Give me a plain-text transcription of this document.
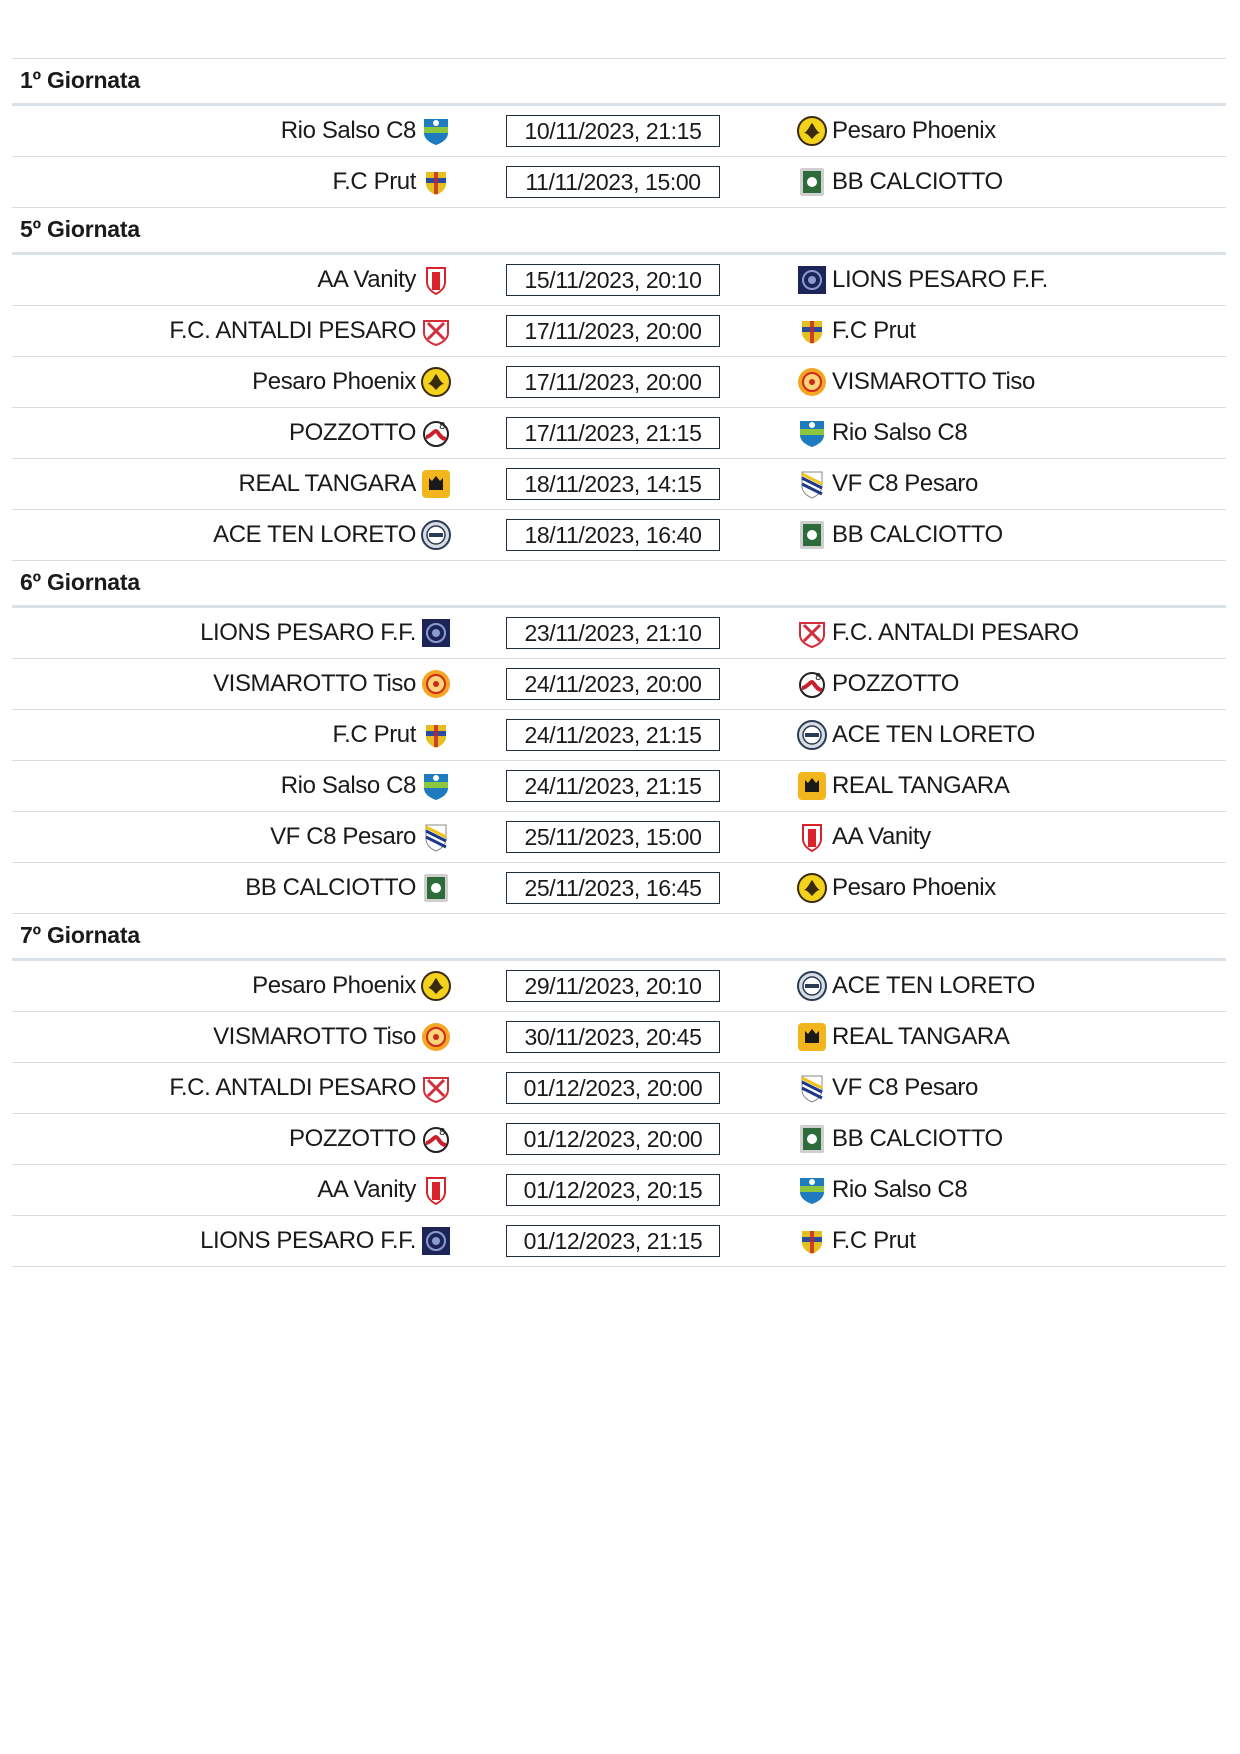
1º Giornata
Rio Salso C8	10/11/2023, 21:15	Pesaro Phoenix
F.C Prut	11/11/2023, 15:00	BB CALCIOTTO
5º Giornata
AA Vanity	15/11/2023, 20:10	LIONS PESARO F.F.
F.C. ANTALDI PESARO	17/11/2023, 20:00	F.C Prut
Pesaro Phoenix	17/11/2023, 20:00	VISMAROTTO Tiso
POZZOTTO 8	17/11/2023, 21:15	Rio Salso C8
REAL TANGARA	18/11/2023, 14:15	VF C8 Pesaro
ACE TEN LORETO	18/11/2023, 16:40	BB CALCIOTTO
6º Giornata
LIONS PESARO F.F.	23/11/2023, 21:10	F.C. ANTALDI PESARO
VISMAROTTO Tiso	24/11/2023, 20:00	8 POZZOTTO
F.C Prut	24/11/2023, 21:15	ACE TEN LORETO
Rio Salso C8	24/11/2023, 21:15	REAL TANGARA
VF C8 Pesaro	25/11/2023, 15:00	AA Vanity
BB CALCIOTTO	25/11/2023, 16:45	Pesaro Phoenix
7º Giornata
Pesaro Phoenix	29/11/2023, 20:10	ACE TEN LORETO
VISMAROTTO Tiso	30/11/2023, 20:45	REAL TANGARA
F.C. ANTALDI PESARO	01/12/2023, 20:00	VF C8 Pesaro
POZZOTTO 8	01/12/2023, 20:00	BB CALCIOTTO
AA Vanity	01/12/2023, 20:15	Rio Salso C8
LIONS PESARO F.F.	01/12/2023, 21:15	F.C Prut
